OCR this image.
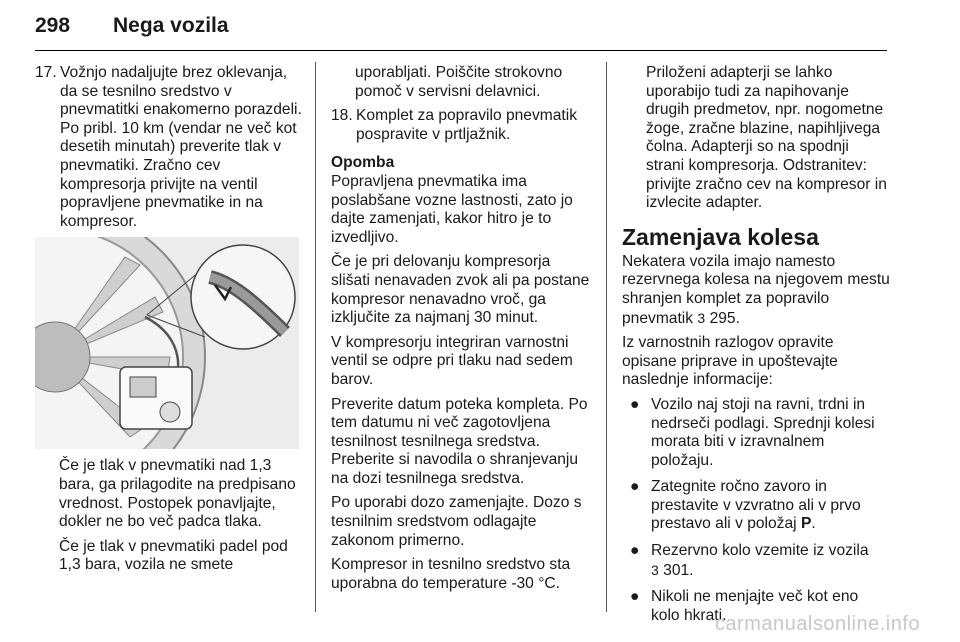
298 Nega vozila
17. Vožnjo nadaljujte brez oklevanja, da se tesnilno sredstvo v pnevmatitki enakomerno porazdeli. Po pribl. 10 km (vendar ne več kot desetih minutah) preverite tlak v pnevmatiki. Zračno cev kompresorja privijte na ventil popravljene pnevmatike in na kompresor.

Če je tlak v pnevmatiki nad 1,3 bara, ga prilagodite na predpisano vrednost. Postopek ponavljajte, dokler ne bo več padca tlaka.

Če je tlak v pnevmatiki padel pod 1,3 bara, vozila ne smete

uporabljati. Poiščite strokovno pomoč v servisni delavnici.

18. Komplet za popravilo pnevmatik pospravite v prtljažnik.
Opomba

Popravljena pnevmatika ima poslabšane vozne lastnosti, zato jo dajte zamenjati, kakor hitro je to izvedljivo.

Če je pri delovanju kompresorja slišati nenavaden zvok ali pa postane kompresor nenavadno vroč, ga izklјučite za najmanj 30 minut.

V kompresorju integriran varnostni ventil se odpre pri tlaku nad sedem barov.

Preverite datum poteka kompleta. Po tem datumu ni več zagotovljena tesnilnost tesnilnega sredstva. Preberite si navodila o shranjevanju na dozi tesnilnega sredstva.

Po uporabi dozo zamenjajte. Dozo s tesnilnim sredstvom odlagajte zakonom primerno.

Kompresor in tesnilno sredstvo sta uporabna do temperature -30 °C.

Priloženi adapterji se lahko uporabijo tudi za napihovanje drugih predmetov, npr. nogometne žoge, zračne blazine, napihljivega čolna. Adapterji so na spodnji strani kompresorja. Odstranitev: privijte zračno cev na kompresor in izvlecite adapter.

Zamenjava kolesa

Nekatera vozila imajo namesto rezervnega kolesa na njegovem mestu shranjen komplet za popravilo pnevmatik 3 295.

Iz varnostnih razlogov opravite opisane priprave in upoštevajte naslednje informacije:

● Vozilo naj stoji na ravni, trdni in nedrseči podlagi. Sprednji kolesi morata biti v izravnalnem položaju.
● Zategnite ročno zavoro in prestavite v vzvratno ali v prvo prestavo ali v položaj P.
● Rezervno kolo vzemite iz vozila
3 301.
● Nikoli ne menjajte več kot eno kolo hkrati.
carmanualsonline.info
